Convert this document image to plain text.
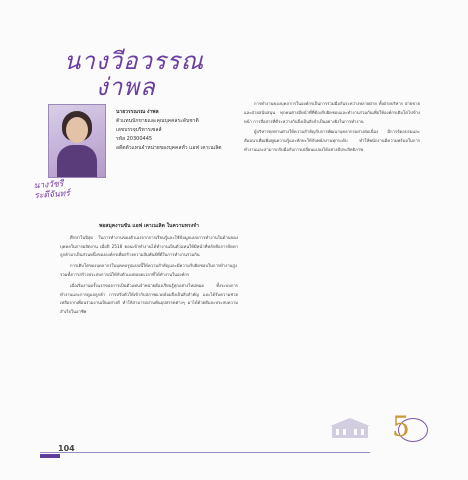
นางวีอวรรณ
ง่าพล
นางวัชรี
ระดีจันทร์
นายวรรณรณ ง่าพล
ตัวแทนนักขายและคุณบุคคลระดับชาติ
เลขบรรจุบริหารเซลส์
รหัส 20300445
อดีตตัวแทนจำหน่ายของบุคคลทั่ว แอฟ เคาเนเลิต
พอสมุคงานขัน แอฟ เคาเนเลิต ในความทรงจำ

ศึกษาในปีสุด ในการทำงานของตัวเองจากการเรียนรู้และใช้ข้อมูลแบบการทำงานในด้านของบุคคลในการผลิตงาน เมื่อปี 2518 ตอนเข้าทำงานได้ทำงานเป็นตัวแทนให้มีหน้าที่หลักคือการจัดหาลูกค้ามาเป็นส่วนหนึ่งขององค์กรเพื่อสร้างความสัมพันธ์ที่ดีในการทำงานร่วมกัน

การเติบโตของบุคลากรในบุคคลรูปแบบนี้ให้ความสำคัญและมีความรับผิดชอบในการทำงานสูง รวมทั้งการสร้างประสบการณ์ให้กับตัวเองตลอดเวลาที่ได้ทำงานในองค์กร

เมื่อเริ่มงานครั้งแรกของการเป็นตัวแทนจำหน่ายต้องเรียนรู้ทุกอย่างใหม่หมด ทั้งระบบการทำงานและการดูแลลูกค้า การปรับตัวให้เข้ากับสภาพแวดล้อมจึงเป็นสิ่งสำคัญ และได้รับความช่วยเหลือจากเพื่อนร่วมงานเป็นอย่างดี ทำให้สามารถผ่านพ้นอุปสรรคต่างๆ มาได้ด้วยดีและประสบความสำเร็จในอาชีพ

การทำงานของบุคลากรในองค์กรเป็นการร่วมมือกันระหว่างหลายฝ่าย ทั้งฝ่ายบริหาร ฝ่ายขาย และฝ่ายสนับสนุน ทุกคนต่างมีหน้าที่ที่ต้องรับผิดชอบและทำงานร่วมกันเพื่อให้องค์กรเติบโตไปข้างหน้า การสื่อสารที่ดีระหว่างกันจึงเป็นสิ่งจำเป็นอย่างยิ่งในการทำงาน

ผู้บริหารทุกท่านต่างให้ความสำคัญกับการพัฒนาบุคลากรอย่างต่อเนื่อง มีการจัดอบรมและสัมมนาเพื่อเพิ่มพูนความรู้และทักษะให้กับพนักงานทุกระดับ ทำให้พนักงานมีความพร้อมในการทำงานและสามารถรับมือกับการเปลี่ยนแปลงได้อย่างมีประสิทธิภาพ

5
104
